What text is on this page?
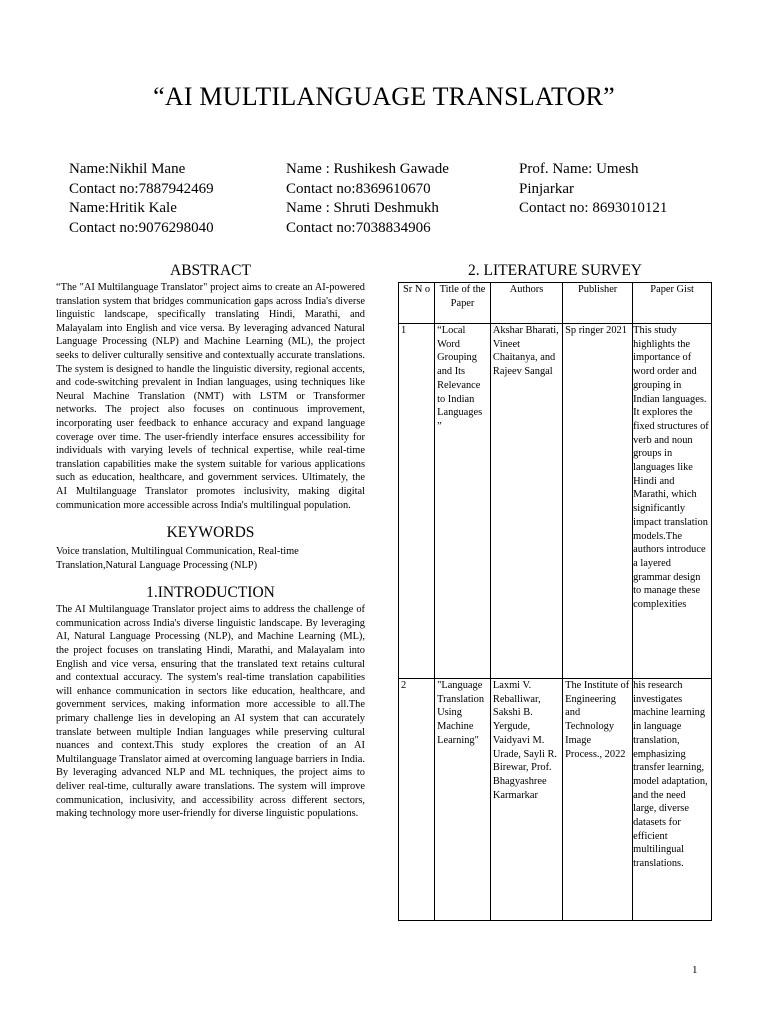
“AI MULTILANGUAGE TRANSLATOR”
Name:Nikhil Mane
Contact no:7887942469
Name:Hritik Kale
Contact no:9076298040
Name : Rushikesh Gawade
Contact no:8369610670
Name : Shruti Deshmukh
Contact no:7038834906
Prof. Name: Umesh
Pinjarkar
Contact no: 8693010121
ABSTRACT

“The "AI Multilanguage Translator" project aims to create an AI-powered translation system that bridges communication gaps across India's diverse linguistic landscape, specifically translating Hindi, Marathi, and Malayalam into English and vice versa. By leveraging advanced Natural Language Processing (NLP) and Machine Learning (ML), the project seeks to deliver culturally sensitive and contextually accurate translations. The system is designed to handle the linguistic diversity, regional accents, and code-switching prevalent in Indian languages, using techniques like Neural Machine Translation (NMT) with LSTM or Transformer networks. The project also focuses on continuous improvement, incorporating user feedback to enhance accuracy and expand language coverage over time. The user-friendly interface ensures accessibility for individuals with varying levels of technical expertise, while real-time translation capabilities make the system suitable for various applications such as education, healthcare, and government services. Ultimately, the AI Multilanguage Translator promotes inclusivity, making digital communication more accessible across India's multilingual population.

KEYWORDS

Voice translation, Multilingual Communication, Real-time Translation,Natural Language Processing (NLP)

1.INTRODUCTION

The AI Multilanguage Translator project aims to address the challenge of communication across India's diverse linguistic landscape. By leveraging AI, Natural Language Processing (NLP), and Machine Learning (ML), the project focuses on translating Hindi, Marathi, and Malayalam into English and vice versa, ensuring that the translated text retains cultural and contextual accuracy. The system's real-time translation capabilities will enhance communication in sectors like education, healthcare, and government services, making information more accessible to all.The primary challenge lies in developing an AI system that can accurately translate between multiple Indian languages while preserving cultural nuances and context.This study explores the creation of an AI Multilanguage Translator aimed at overcoming language barriers in India. By leveraging advanced NLP and ML techniques, the project aims to deliver real-time, culturally aware translations. The system will improve communication, inclusivity, and accessibility across different sectors, making technology more user-friendly for diverse linguistic populations.

2. LITERATURE SURVEY
Sr N o	Title of the Paper	Authors	Publisher	Paper Gist
1	“Local Word Grouping and Its Relevance to Indian Languages ”	Akshar Bharati, Vineet Chaitanya, and Rajeev Sangal	Sp ringer 2021	This study highlights the importance of word order and grouping in Indian languages. It explores the fixed structures of verb and noun groups in languages like Hindi and Marathi, which significantly impact translation models.The authors introduce a layered grammar design to manage these complexities
2	"Language Translation Using Machine Learning"	Laxmi V. Reballiwar, Sakshi B. Yergude, Vaidyavi M. Urade, Sayli R. Birewar, Prof. Bhagyashree Karmarkar	The Institute of Engineering and Technology Image Process., 2022	his research investigates machine learning in language translation, emphasizing transfer learning, model adaptation, and the need large, diverse datasets for efficient multilingual translations.
1
